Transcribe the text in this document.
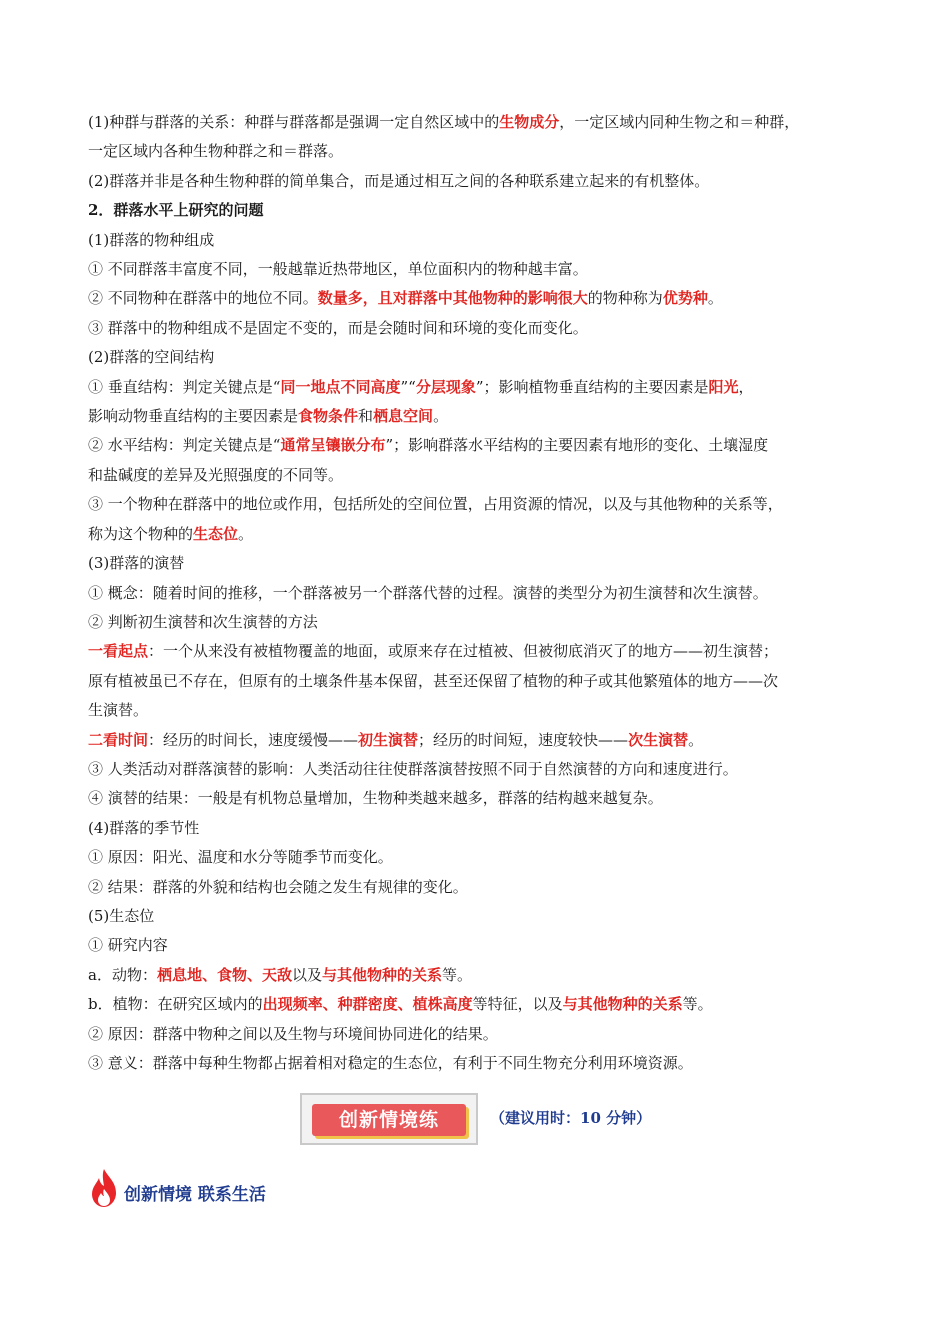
(1)种群与群落的关系：种群与群落都是强调一定自然区域中的生物成分，一定区域内同种生物之和＝种群，
一定区域内各种生物种群之和＝群落。
(2)群落并非是各种生物种群的简单集合，而是通过相互之间的各种联系建立起来的有机整体。
2．群落水平上研究的问题
(1)群落的物种组成
① 不同群落丰富度不同，一般越靠近热带地区，单位面积内的物种越丰富。
② 不同物种在群落中的地位不同。数量多，且对群落中其他物种的影响很大的物种称为优势种。
③ 群落中的物种组成不是固定不变的，而是会随时间和环境的变化而变化。
(2)群落的空间结构
① 垂直结构：判定关键点是“同一地点不同高度”“分层现象”；影响植物垂直结构的主要因素是阳光，
影响动物垂直结构的主要因素是食物条件和栖息空间。
② 水平结构：判定关键点是“通常呈镶嵌分布”；影响群落水平结构的主要因素有地形的变化、土壤湿度
和盐碱度的差异及光照强度的不同等。
③ 一个物种在群落中的地位或作用，包括所处的空间位置，占用资源的情况，以及与其他物种的关系等，
称为这个物种的生态位。
(3)群落的演替
① 概念：随着时间的推移，一个群落被另一个群落代替的过程。演替的类型分为初生演替和次生演替。
② 判断初生演替和次生演替的方法
一看起点：一个从来没有被植物覆盖的地面，或原来存在过植被、但被彻底消灭了的地方——初生演替；
原有植被虽已不存在，但原有的土壤条件基本保留，甚至还保留了植物的种子或其他繁殖体的地方——次
生演替。
二看时间：经历的时间长，速度缓慢——初生演替；经历的时间短，速度较快——次生演替。
③ 人类活动对群落演替的影响：人类活动往往使群落演替按照不同于自然演替的方向和速度进行。
④ 演替的结果：一般是有机物总量增加，生物种类越来越多，群落的结构越来越复杂。
(4)群落的季节性
① 原因：阳光、温度和水分等随季节而变化。
② 结果：群落的外貌和结构也会随之发生有规律的变化。
(5)生态位
① 研究内容
a．动物：栖息地、食物、天敌以及与其他物种的关系等。
b．植物：在研究区域内的出现频率、种群密度、植株高度等特征，以及与其他物种的关系等。
② 原因：群落中物种之间以及生物与环境间协同进化的结果。
③ 意义：群落中每种生物都占据着相对稳定的生态位，有利于不同生物充分利用环境资源。
创新情境练	（建议用时：10 分钟）
创新情境 联系生活
